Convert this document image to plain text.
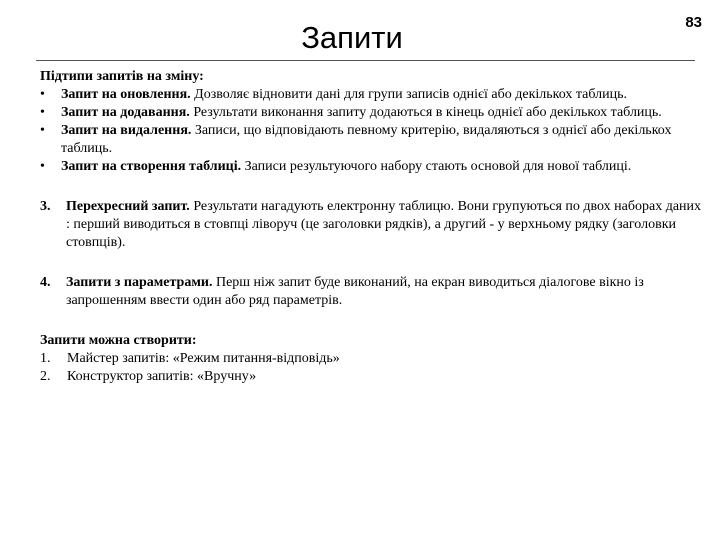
Запити	83

Підтипи запитів на зміну:

• Запит на оновлення. Дозволяє відновити дані для групи записів однієї або декількох таблиць.
• Запит на додавання. Результати виконання запиту додаються в кінець однієї або декількох таблиць.
• Запит на видалення. Записи, що відповідають певному критерію, видаляються з однієї або декількох таблиць.
• Запит на створення таблиці. Записи результуючого набору стають основой для нової таблиці.
3. Перехресний запит. Результати нагадують електронну таблицю. Вони групуються по двох наборах даних : перший виводиться в стовпці ліворуч (це заголовки рядків), а другий - у верхньому рядку (заголовки стовпців).
4. Запити з параметрами. Перш ніж запит буде виконаний, на екран виводиться діалогове вікно із запрошенням ввести один або ряд параметрів.

Запити можна створити:

1. Майстер запитів: «Режим питання-відповідь»
2. Конструктор запитів: «Вручну»
